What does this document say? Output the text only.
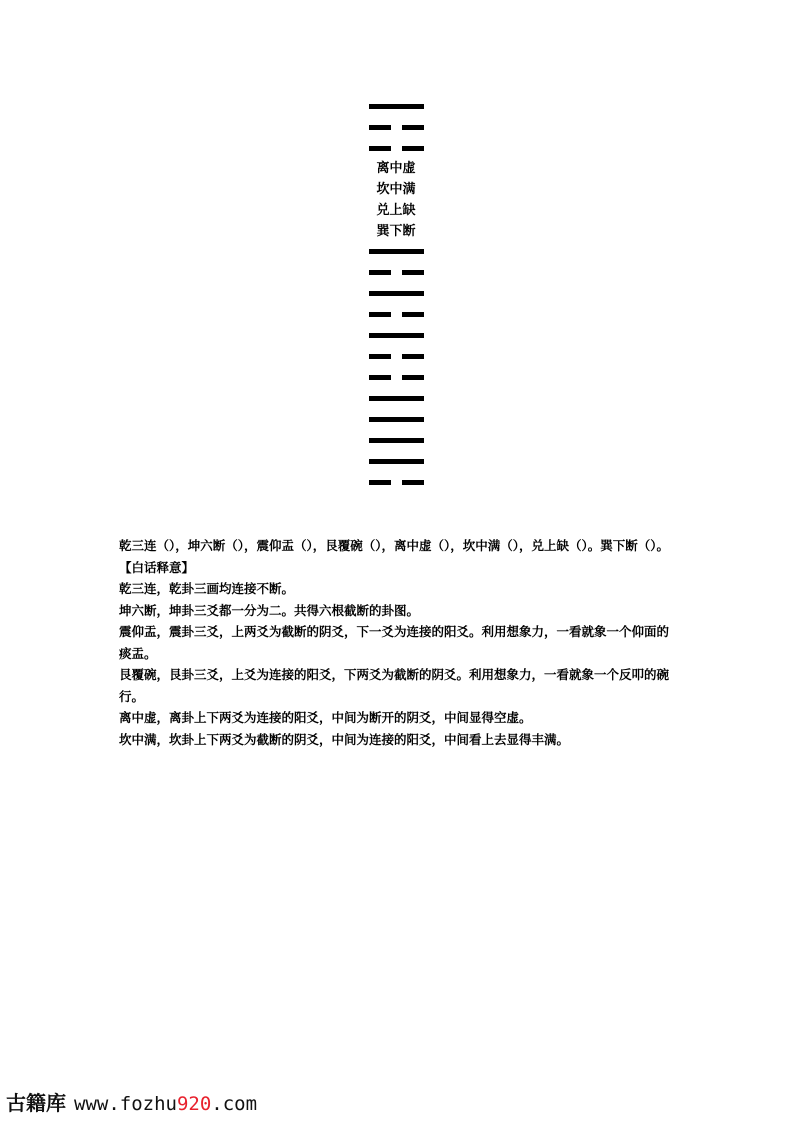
离中虚
坎中满
兑上缺
巽下断

乾三连（），坤六断（），震仰盂（），艮覆碗（），离中虚（），坎中满（），兑上缺（）。巽下断（）。

【白话释意】

乾三连，乾卦三画均连接不断。

坤六断，坤卦三爻都一分为二。共得六根截断的卦图。

震仰盂，震卦三爻，上两爻为截断的阴爻，下一爻为连接的阳爻。利用想象力，一看就象一个仰面的痰盂。

艮覆碗，艮卦三爻，上爻为连接的阳爻，下两爻为截断的阴爻。利用想象力，一看就象一个反叩的碗行。

离中虚，离卦上下两爻为连接的阳爻，中间为断开的阴爻，中间显得空虚。

坎中满，坎卦上下两爻为截断的阴爻，中间为连接的阳爻，中间看上去显得丰满。

古籍库 www.fozhu 920 .com
